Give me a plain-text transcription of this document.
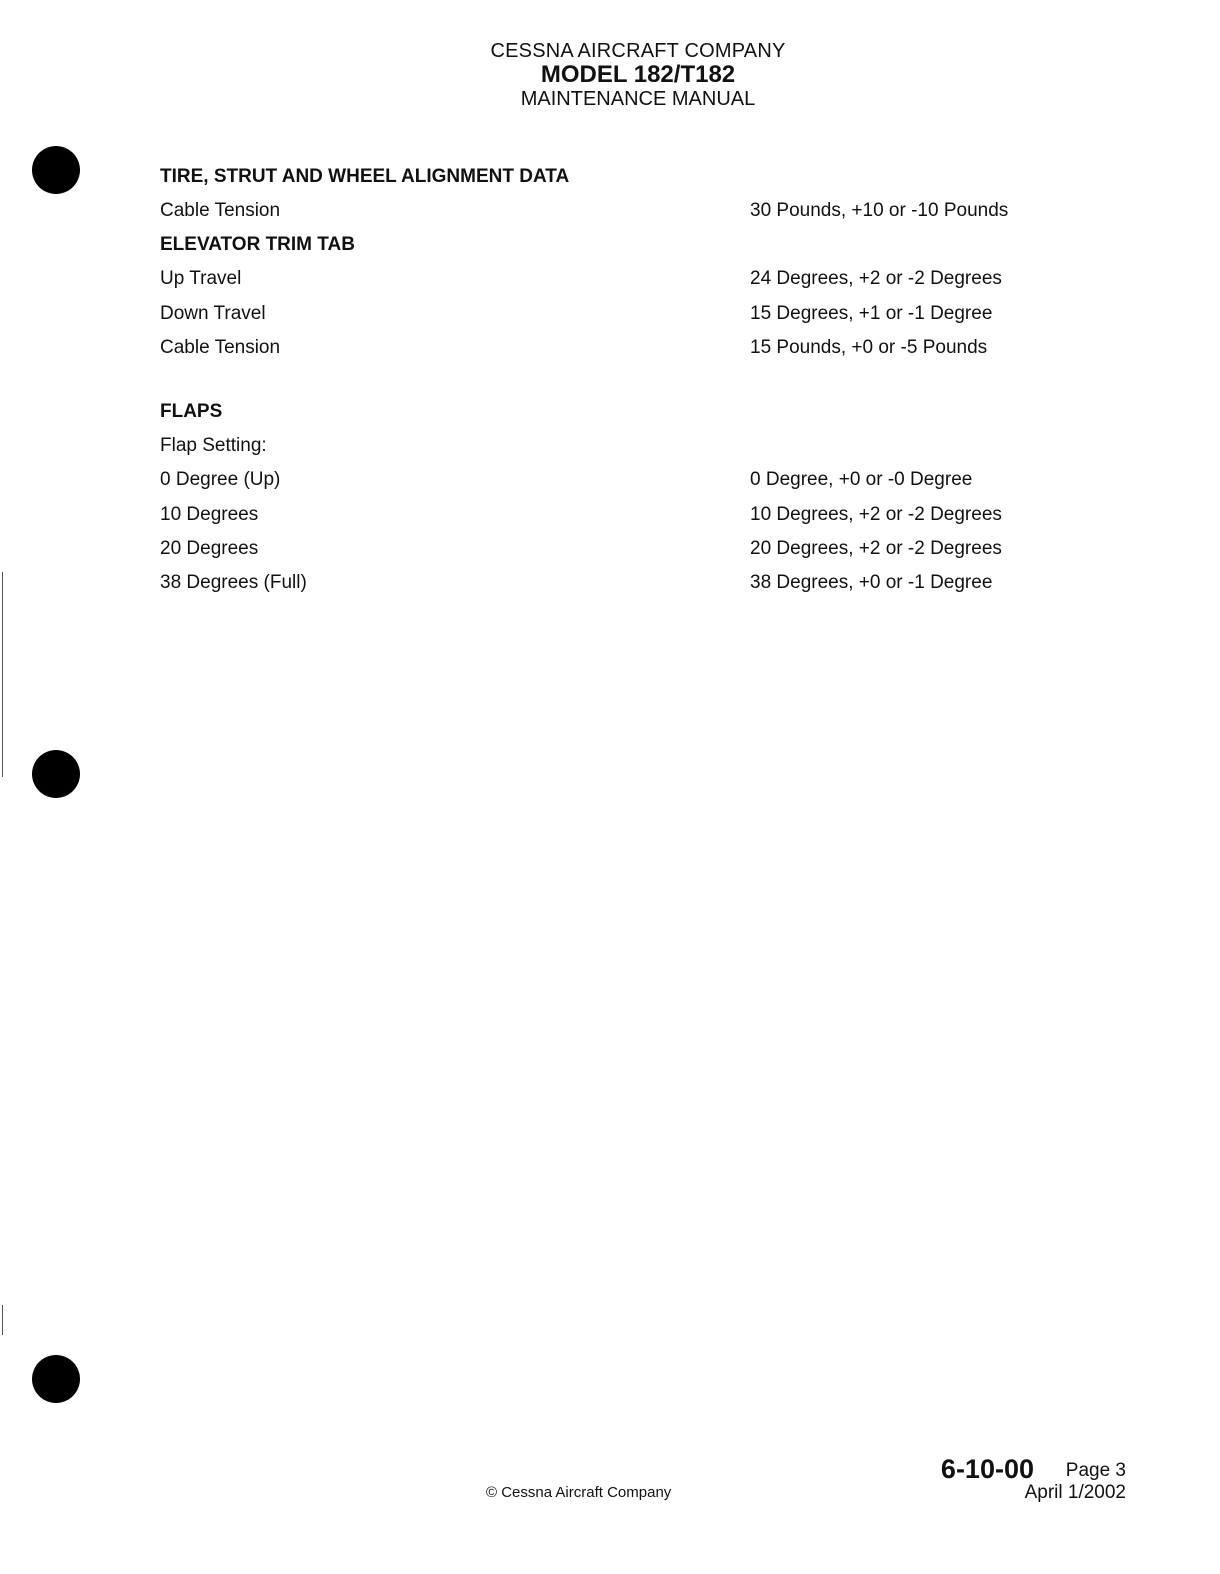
CESSNA AIRCRAFT COMPANY
MODEL 182/T182
MAINTENANCE MANUAL
TIRE, STRUT AND WHEEL ALIGNMENT DATA
Cable Tension	30 Pounds, +10 or -10 Pounds
ELEVATOR TRIM TAB
Up Travel	24 Degrees, +2 or -2 Degrees
Down Travel	15 Degrees, +1 or -1 Degree
Cable Tension	15 Pounds, +0 or -5 Pounds
FLAPS
Flap Setting:
0 Degree (Up)	0 Degree, +0 or -0 Degree
10 Degrees	10 Degrees, +2 or -2 Degrees
20 Degrees	20 Degrees, +2 or -2 Degrees
38 Degrees (Full)	38 Degrees, +0 or -1 Degree
6-10-00 Page 3
April 1/2002
© Cessna Aircraft Company
